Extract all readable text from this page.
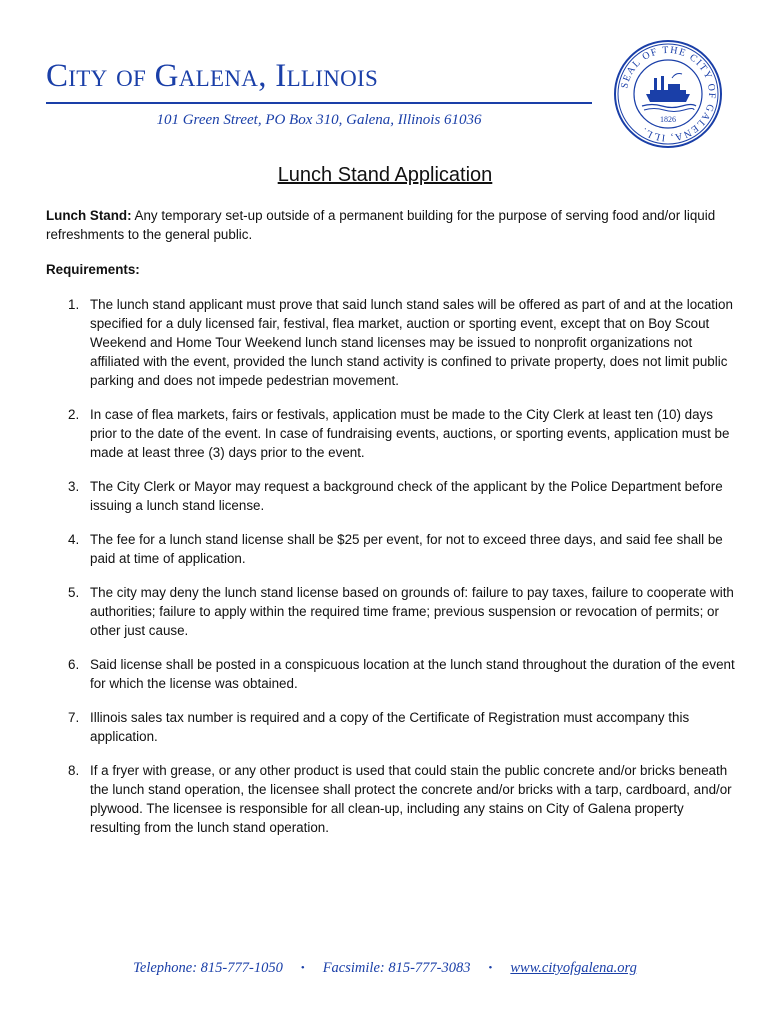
City of Galena, Illinois
101 Green Street, PO Box 310, Galena, Illinois 61036
SEAL OF THE CITY OF GALENA, ILL.
1826
Lunch Stand Application

Lunch Stand: Any temporary set-up outside of a permanent building for the purpose of serving food and/or liquid refreshments to the general public.

Requirements:

1. The lunch stand applicant must prove that said lunch stand sales will be offered as part of and at the location specified for a duly licensed fair, festival, flea market, auction or sporting event, except that on Boy Scout Weekend and Home Tour Weekend lunch stand licenses may be issued to nonprofit organizations not affiliated with the event, provided the lunch stand activity is confined to private property, does not limit public parking and does not impede pedestrian movement.
2. In case of flea markets, fairs or festivals, application must be made to the City Clerk at least ten (10) days prior to the date of the event. In case of fundraising events, auctions, or sporting events, application must be made at least three (3) days prior to the event.
3. The City Clerk or Mayor may request a background check of the applicant by the Police Department before issuing a lunch stand license.
4. The fee for a lunch stand license shall be $25 per event, for not to exceed three days, and said fee shall be paid at time of application.
5. The city may deny the lunch stand license based on grounds of: failure to pay taxes, failure to cooperate with authorities; failure to apply within the required time frame; previous suspension or revocation of permits; or other just cause.
6. Said license shall be posted in a conspicuous location at the lunch stand throughout the duration of the event for which the license was obtained.
7. Illinois sales tax number is required and a copy of the Certificate of Registration must accompany this application.
8. If a fryer with grease, or any other product is used that could stain the public concrete and/or bricks beneath the lunch stand operation, the licensee shall protect the concrete and/or bricks with a tarp, cardboard, and/or plywood. The licensee is responsible for all clean-up, including any stains on City of Galena property resulting from the lunch stand operation.
Telephone: 815-777-1050 • Facsimile: 815-777-3083 • www.cityofgalena.org
